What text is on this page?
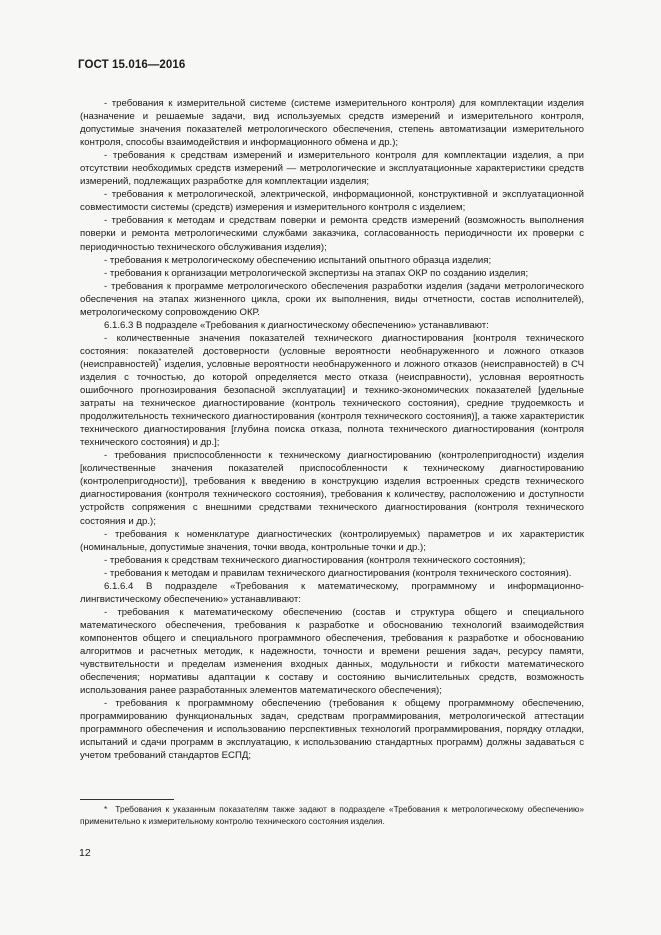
ГОСТ 15.016—2016

- требования к измерительной системе (системе измерительного контроля) для комплектации изделия (назначение и решаемые задачи, вид используемых средств измерений и измерительного контроля, допустимые значения показателей метрологического обеспечения, степень автоматизации измерительного контроля, способы взаимодействия и информационного обмена и др.);

- требования к средствам измерений и измерительного контроля для комплектации изделия, а при отсутствии необходимых средств измерений — метрологические и эксплуатационные характеристики средств измерений, подлежащих разработке для комплектации изделия;

- требования к метрологической, электрической, информационной, конструктивной и эксплуатационной совместимости системы (средств) измерения и измерительного контроля с изделием;

- требования к методам и средствам поверки и ремонта средств измерений (возможность выполнения поверки и ремонта метрологическими службами заказчика, согласованность периодичности их проверки с периодичностью технического обслуживания изделия);

- требования к метрологическому обеспечению испытаний опытного образца изделия;

- требования к организации метрологической экспертизы на этапах ОКР по созданию изделия;

- требования к программе метрологического обеспечения разработки изделия (задачи метрологического обеспечения на этапах жизненного цикла, сроки их выполнения, виды отчетности, состав исполнителей), метрологическому сопровождению ОКР.

6.1.6.3 В подразделе «Требования к диагностическому обеспечению» устанавливают:

- количественные значения показателей технического диагностирования [контроля технического состояния: показателей достоверности (условные вероятности необнаруженного и ложного отказов (неисправностей)* изделия, условные вероятности необнаруженного и ложного отказов (неисправностей) в СЧ изделия с точностью, до которой определяется место отказа (неисправности), условная вероятность ошибочного прогнозирования безопасной эксплуатации] и технико-экономических показателей [удельные затраты на техническое диагностирование (контроль технического состояния), средние трудоемкость и продолжительность технического диагностирования (контроля технического состояния)], а также характеристик технического диагностирования [глубина поиска отказа, полнота технического диагностирования (контроля технического состояния) и др.];

- требования приспособленности к техническому диагностированию (контролепригодности) изделия [количественные значения показателей приспособленности к техническому диагностированию (контролепригодности)], требования к введению в конструкцию изделия встроенных средств технического диагностирования (контроля технического состояния), требования к количеству, расположению и доступности устройств сопряжения с внешними средствами технического диагностирования (контроля технического состояния и др.);

- требования к номенклатуре диагностических (контролируемых) параметров и их характеристик (номинальные, допустимые значения, точки ввода, контрольные точки и др.);

- требования к средствам технического диагностирования (контроля технического состояния);

- требования к методам и правилам технического диагностирования (контроля технического состояния).

6.1.6.4 В подразделе «Требования к математическому, программному и информационно-лингвистическому обеспечению» устанавливают:

- требования к математическому обеспечению (состав и структура общего и специального математического обеспечения, требования к разработке и обоснованию технологий взаимодействия компонентов общего и специального программного обеспечения, требования к разработке и обоснованию алгоритмов и расчетных методик, к надежности, точности и времени решения задач, ресурсу памяти, чувствительности и пределам изменения входных данных, модульности и гибкости математического обеспечения; нормативы адаптации к составу и состоянию вычислительных средств, возможность использования ранее разработанных элементов математического обеспечения);

- требования к программному обеспечению (требования к общему программному обеспечению, программированию функциональных задач, средствам программирования, метрологической аттестации программного обеспечения и использованию перспективных технологий программирования, порядку отладки, испытаний и сдачи программ в эксплуатацию, к использованию стандартных программ) должны задаваться с учетом требований стандартов ЕСПД;

* Требования к указанным показателям также задают в подразделе «Требования к метрологическому обеспечению» применительно к измерительному контролю технического состояния изделия.

12
